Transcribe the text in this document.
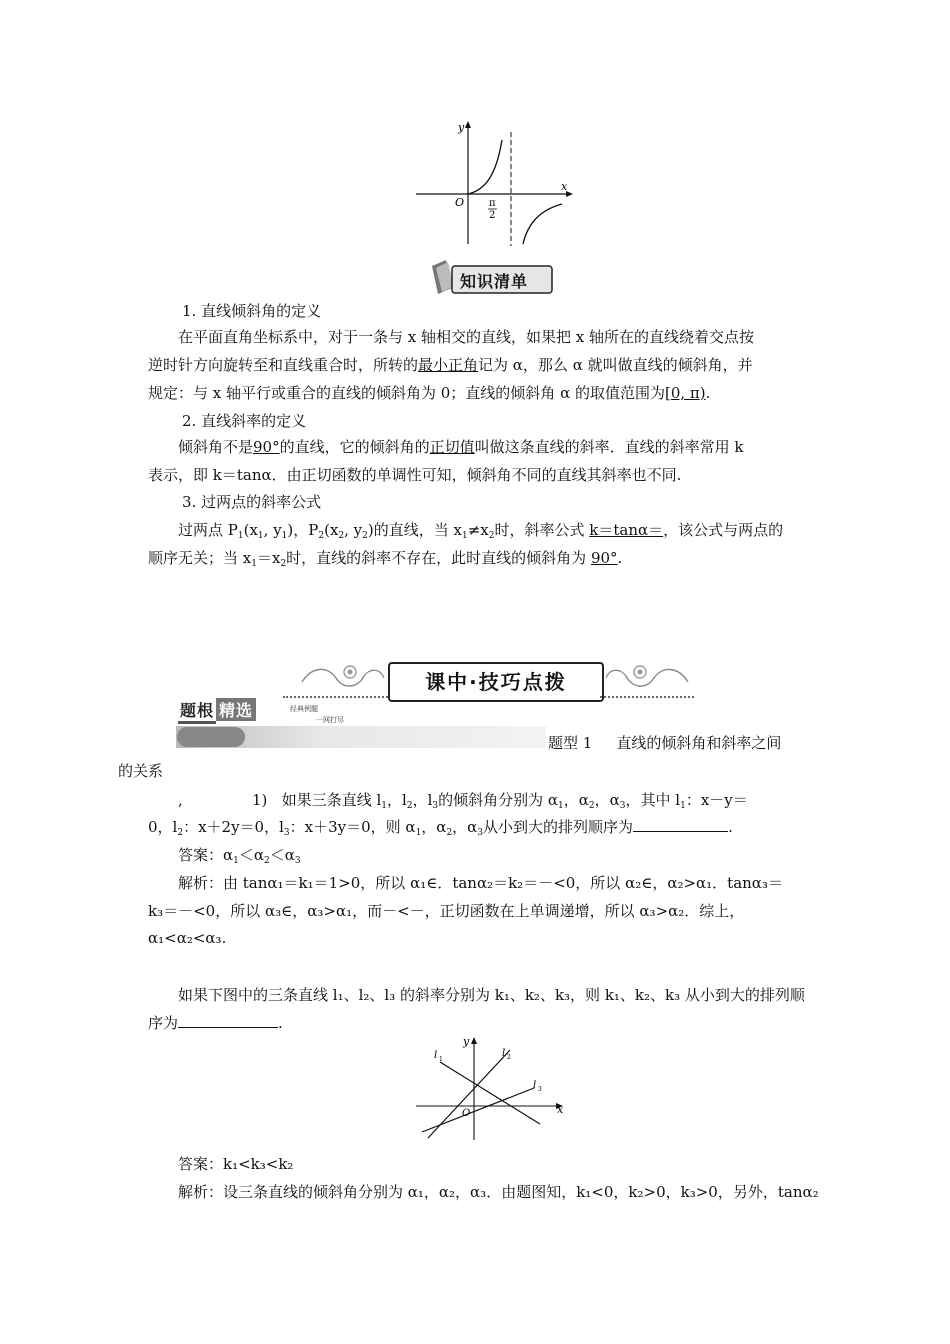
y
x
O π
2
知识清单
1. 直线倾斜角的定义
在平面直角坐标系中，对于一条与 x 轴相交的直线，如果把 x 轴所在的直线绕着交点按
逆时针方向旋转至和直线重合时，所转的最小正角记为 α，那么 α 就叫做直线的倾斜角，并
规定：与 x 轴平行或重合的直线的倾斜角为 0；直线的倾斜角 α 的取值范围为[0, π).
2. 直线斜率的定义
倾斜角不是90°的直线，它的倾斜角的正切值叫做这条直线的斜率．直线的斜率常用 k
表示，即 k＝tanα．由正切函数的单调性可知，倾斜角不同的直线其斜率也不同.
3. 过两点的斜率公式
过两点 $P_1(x_1$, $y_1$)，$P_2(x_2$, $y_2$)的直线，当 $x_1\ne x_2$时，斜率公式 k＝tanα＝，该公式与两点的
顺序无关；当 $x_1=x_2$时，直线的斜率不存在，此时直线的倾斜角为 90°.
课中·技巧点拨
题根 精选	经典例题
一网打尽
题型 1 直线的倾斜角和斜率之间
的关系
,	1) 如果三条直线 $l_1$，$l_2$，$l_3$的倾斜角分别为 $\alpha_1$，$\alpha_2$，$\alpha_3$，其中 $l_1$：x－y＝
0，$l_2$：x＋2y＝0，$l_3$：x＋3y＝0，则 $\alpha_1$，$\alpha_2$，$\alpha_3$从小到大的排列顺序为	.
答案：$\alpha_1<\alpha_2<\alpha_3$
解析：由 tanα₁＝k₁＝1>0，所以 α₁∈．tanα₂＝k₂＝－<0，所以 α₂∈，α₂>α₁．tanα₃＝
k₃＝－<0，所以 α₃∈，α₃>α₁，而－<－，正切函数在上单调递增，所以 α₃>α₂．综上，
α₁<α₂<α₃.
如果下图中的三条直线 l₁、l₂、l₃ 的斜率分别为 k₁、k₂、k₃，则 k₁、k₂、k₃ 从小到大的排列顺
序为	.
y
x
O
l 1
l 2
l 3
答案：k₁<k₃<k₂
解析：设三条直线的倾斜角分别为 α₁，α₂，α₃．由题图知，k₁<0，k₂>0，k₃>0，另外，tanα₂
